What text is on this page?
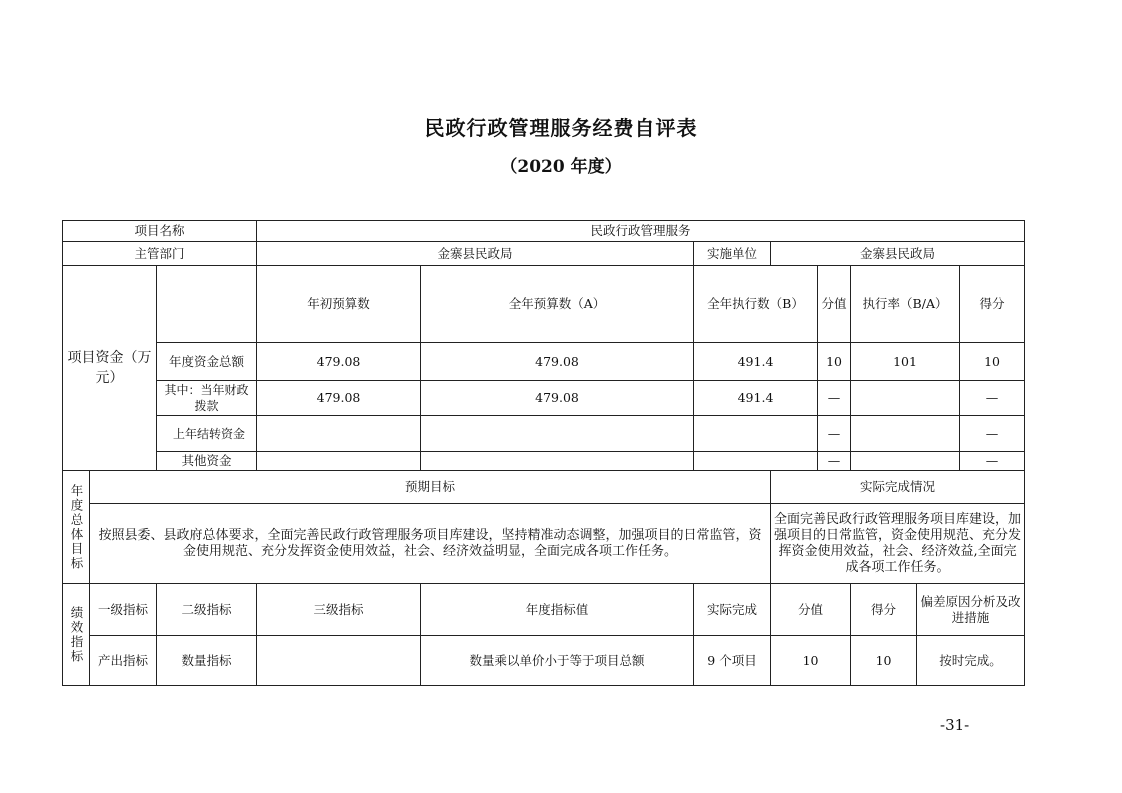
民政行政管理服务经费自评表
（2020 年度）
项目名称			民政行政管理服务							
主管部门			金寨县民政局		实施单位	金寨县民政局				
项目资金（万元）			年初预算数	全年预算数（A）	全年执行数（B）		分值	执行率（B/A）		得分
		年度资金总额	479.08	479.08	491.4		10	101		10
		其中：当年财政拨款	479.08	479.08	491.4		—			—
		上年结转资金					—			—
		其他资金					—			—
年度总体目标	预期目标					实际完成情况				
	按照县委、县政府总体要求，全面完善民政行政管理服务项目库建设，坚持精准动态调整，加强项目的日常监管，资金使用规范、充分发挥资金使用效益，社会、经济效益明显，全面完成各项工作任务。					全面完善民政行政管理服务项目库建设，加强项目的日常监管，资金使用规范、充分发挥资金使用效益，社会、经济效益,全面完成各项工作任务。				
绩效指标	一级指标	二级指标	三级指标	年度指标值	实际完成	分值		得分	偏差原因分析及改进措施	
	产出指标	数量指标		数量乘以单价小于等于项目总额	9 个项目	10		10	按时完成。	
-31-
